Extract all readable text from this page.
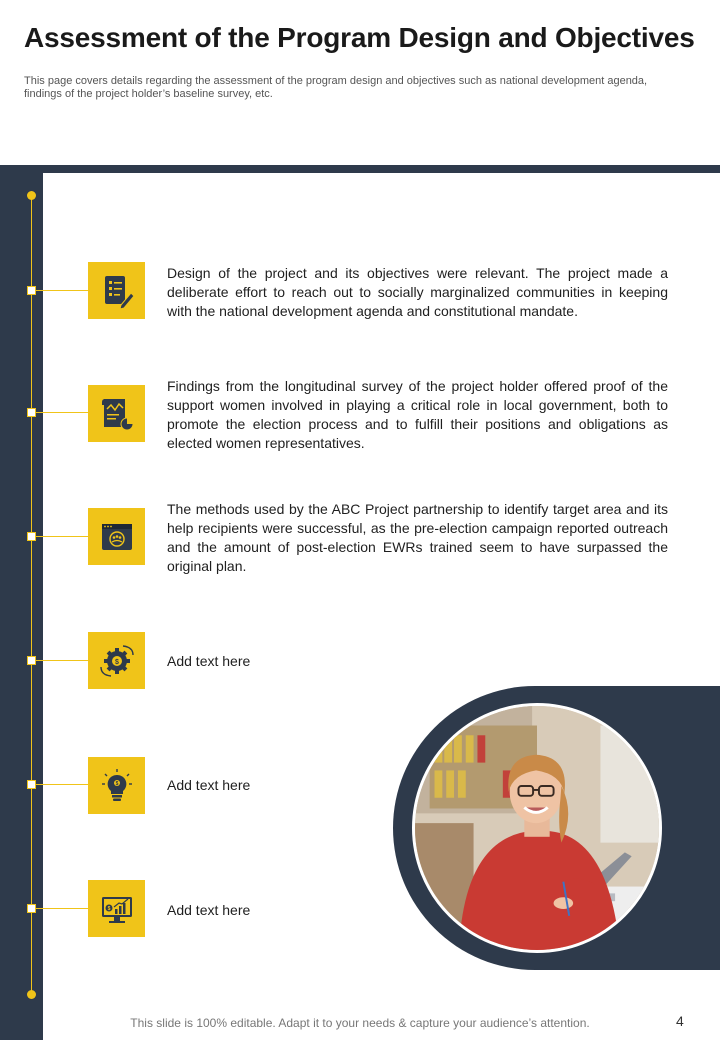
Assessment of the Program Design and Objectives
This page covers details regarding the assessment of the program design and objectives such as national development agenda, findings of the project holder’s baseline survey, etc.
Design of the project and its objectives were relevant. The project made a deliberate effort to reach out to socially marginalized communities in keeping with the national development agenda and constitutional mandate.
Findings from the longitudinal survey of the project holder offered proof of the support women involved in playing a critical role in local government, both to promote the election process and to fulfill their positions and obligations as elected women representatives.
The methods used by the ABC Project partnership to identify target area and its help recipients were successful, as the pre-election campaign reported outreach and the amount of post-election EWRs trained seem to have surpassed the original plan.
$	Add text here
$	Add text here
$	Add text here
This slide is 100% editable. Adapt it to your needs & capture your audience’s attention.	4
